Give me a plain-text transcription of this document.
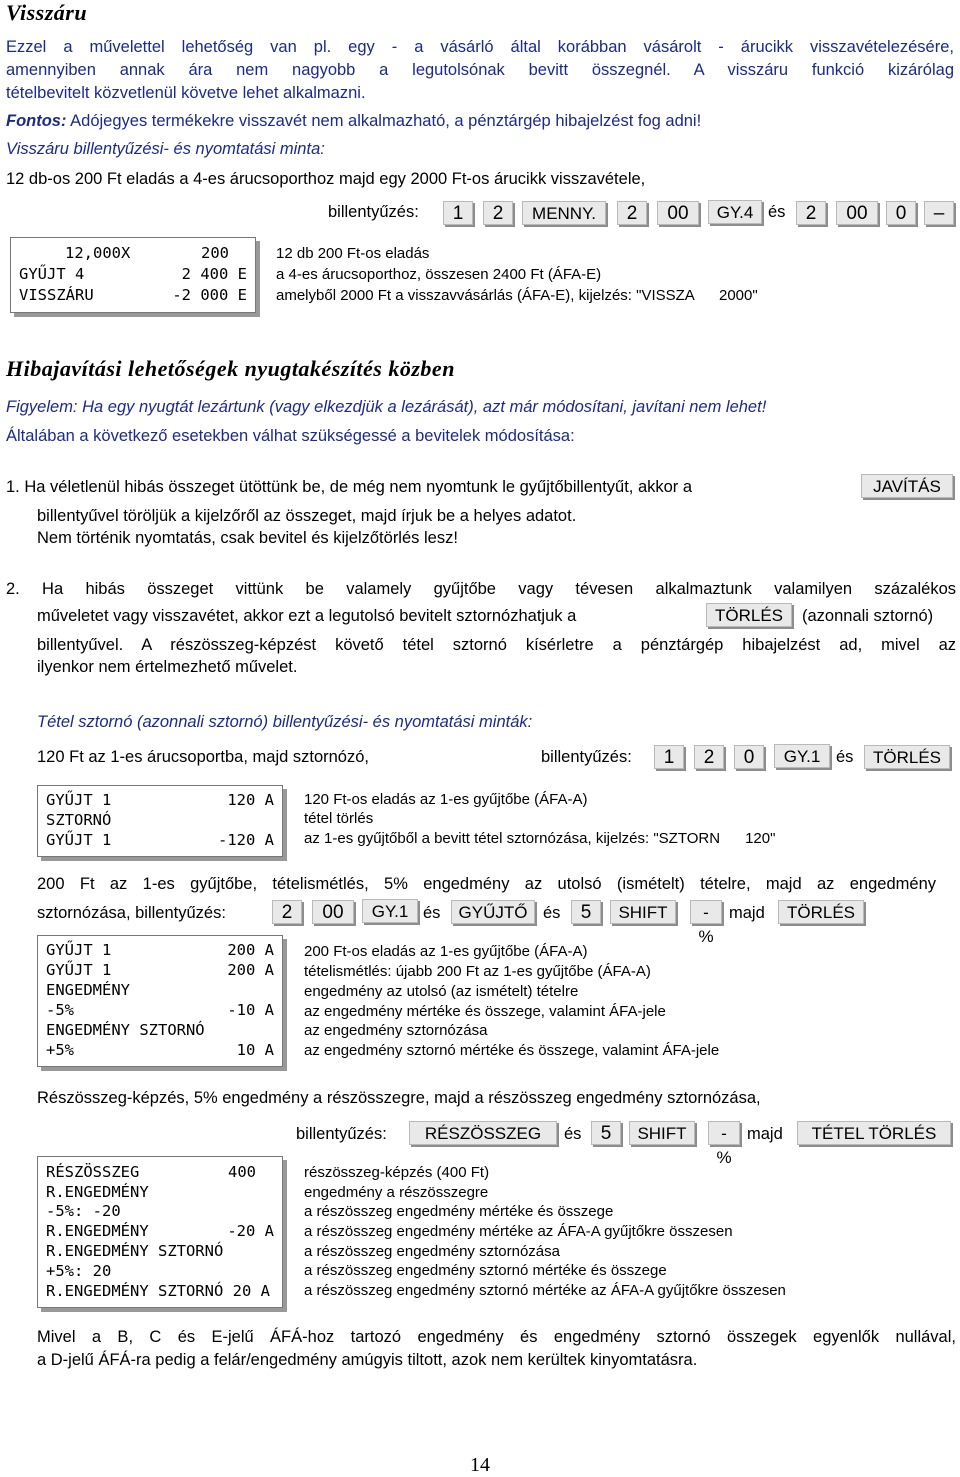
Visszáru
Ezzel a művelettel lehetőség van pl. egy - a vásárló által korábban vásárolt - árucikk visszavételezésére,
amennyiben annak ára nem nagyobb a legutolsónak bevitt összegnél. A visszáru funkció kizárólag
tételbevitelt közvetlenül követve lehet alkalmazni.
Fontos: Adójegyes termékekre visszavét nem alkalmazható, a pénztárgép hibajelzést fog adni!
Visszáru billentyűzési- és nyomtatási minta:
12 db-os 200 Ft eladás a 4-es árucsoporthoz majd egy 2000 Ft-os árucikk visszavétele,
billentyűzés:	1	2	MENNY.	2	00	GY.4 és	2	00	0	–
12,000X	200
GYŰJT 4	2 400 E
VISSZÁRU	-2 000 E
12 db 200 Ft-os eladás
a 4-es árucsoporthoz, összesen 2400 Ft (ÁFA-E)
amelyből 2000 Ft a visszavvásárlás (ÁFA-E), kijelzés: "VISSZA      2000"
Hibajavítási lehetőségek nyugtakészítés közben
Figyelem: Ha egy nyugtát lezártunk (vagy elkezdjük a lezárását), azt már módosítani, javítani nem lehet!
Általában a következő esetekben válhat szükségessé a bevitelek módosítása:
1. Ha véletlenül hibás összeget ütöttünk be, de még nem nyomtunk le gyűjtőbillentyűt, akkor a	JAVÍTÁS
billentyűvel töröljük a kijelzőről az összeget, majd írjuk be a helyes adatot.
Nem történik nyomtatás, csak bevitel és kijelzőtörlés lesz!
2. Ha hibás összeget vittünk be valamely gyűjtőbe vagy tévesen alkalmaztunk valamilyen százalékos
műveletet vagy visszavétet, akkor ezt a legutolsó bevitelt sztornózhatjuk a	TÖRLÉS	(azonnali sztornó)
billentyűvel. A részösszeg-képzést követő tétel sztornó kísérletre a pénztárgép hibajelzést ad, mivel az
ilyenkor nem értelmezhető művelet.
Tétel sztornó (azonnali sztornó) billentyűzési- és nyomtatási minták:
120 Ft az 1-es árucsoportba, majd sztornózó,	billentyűzés:	1	2	0	GY.1 és	TÖRLÉS
GYŰJT 1	120 A
SZTORNÓ
GYŰJT 1	-120 A
120 Ft-os eladás az 1-es gyűjtőbe (ÁFA-A)
tétel törlés
az 1-es gyűjtőből a bevitt tétel sztornózása, kijelzés: "SZTORN      120"
200 Ft az 1-es gyűjtőbe, tételismétlés, 5% engedmény az utolsó (ismételt) tételre, majd az engedmény
sztornózása, billentyűzés:	2	00	GY.1 és	GYŰJTŐ és	5	SHIFT	-%
majd	TÖRLÉS
GYŰJT 1	200 A
GYŰJT 1	200 A
ENGEDMÉNY
-5%	-10 A
ENGEDMÉNY SZTORNÓ
+5%	10 A
200 Ft-os eladás az 1-es gyűjtőbe (ÁFA-A)
tételismétlés: újabb 200 Ft az 1-es gyűjtőbe (ÁFA-A)
engedmény az utolsó (az ismételt) tételre
az engedmény mértéke és összege, valamint ÁFA-jele
az engedmény sztornózása
az engedmény sztornó mértéke és összege, valamint ÁFA-jele
Részösszeg-képzés, 5% engedmény a részösszegre, majd a részösszeg engedmény sztornózása,
billentyűzés:	RÉSZÖSSZEG	és	5	SHIFT	-%
majd	TÉTEL TÖRLÉS
RÉSZÖSSZEG	400
R.ENGEDMÉNY
-5%: -20
R.ENGEDMÉNY	-20 A
R.ENGEDMÉNY SZTORNÓ
+5%: 20
R.ENGEDMÉNY SZTORNÓ 20 A
részösszeg-képzés (400 Ft)
engedmény a részösszegre
a részösszeg engedmény mértéke és összege
a részösszeg engedmény mértéke az ÁFA-A gyűjtőkre összesen
a részösszeg engedmény sztornózása
a részösszeg engedmény sztornó mértéke és összege
a részösszeg engedmény sztornó mértéke az ÁFA-A gyűjtőkre összesen
Mivel a B, C és E-jelű ÁFÁ-hoz tartozó engedmény és engedmény sztornó összegek egyenlők nullával,
a D-jelű ÁFÁ-ra pedig a felár/engedmény amúgyis tiltott, azok nem kerültek kinyomtatásra.
14
